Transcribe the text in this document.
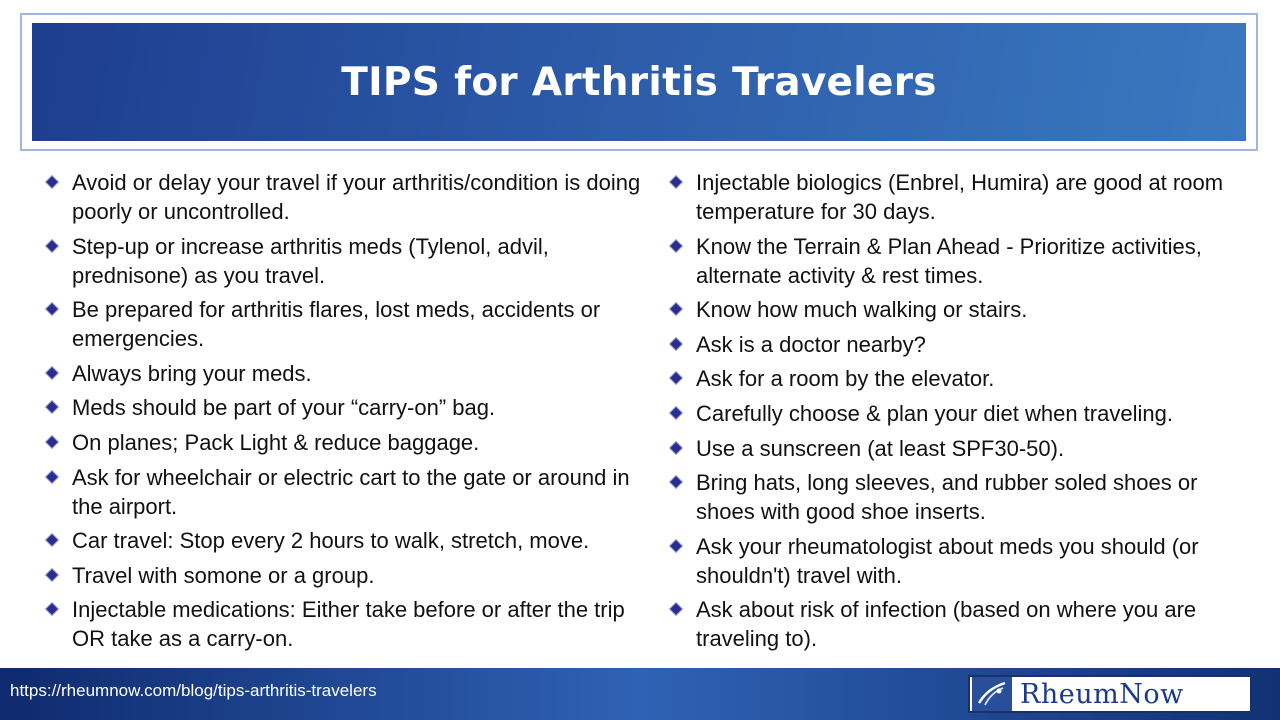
TIPS for Arthritis Travelers
Avoid or delay your travel if your arthritis/condition is doing poorly or uncontrolled.
Step-up or increase arthritis meds (Tylenol, advil, prednisone) as you travel.
Be prepared for arthritis flares, lost meds, accidents or emergencies.
Always bring your meds.
Meds should be part of your “carry-on” bag.
On planes; Pack Light & reduce baggage.
Ask for wheelchair or electric cart to the gate or around in the airport.
Car travel: Stop every 2 hours to walk, stretch, move.
Travel with somone or a group.
Injectable medications: Either take before or after the trip OR take as a carry-on.
Injectable biologics (Enbrel, Humira) are good at room temperature for 30 days.
Know the Terrain & Plan Ahead - Prioritize activities, alternate activity & rest times.
Know how much walking or stairs.
Ask is a doctor nearby?
Ask for a room by the elevator.
Carefully choose & plan your diet when traveling.
Use a sunscreen (at least SPF30-50).
Bring hats, long sleeves, and rubber soled shoes or shoes with good shoe inserts.
Ask your rheumatologist about meds you should (or shouldn't) travel with.
Ask about risk of infection (based on where you are traveling to).
https://rheumnow.com/blog/tips-arthritis-travelers	RheumNow
